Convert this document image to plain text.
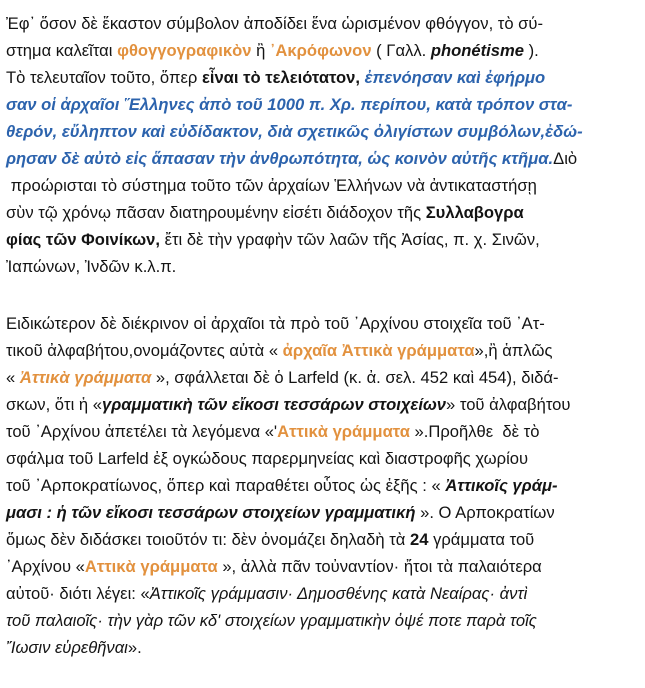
Ἐφ᾽ ὅσον δὲ ἕκαστον σύμβολον ἀποδίδει ἕνα ὡρισμένον φθόγγον, τὸ σύ-
στημα καλεῖται φθογγογραφικὸν ἢ ᾽Ακρόφωνον ( Γαλλ. phonétisme ).
Τὸ τελευταῖον τοῦτο, ὅπερ εἶναι τὸ τελειότατον, ἐπενόησαν καὶ ἐφήρμο
σαν οἱ ἀρχαῖοι Ἕλληνες ἀπὸ τοῦ 1000 π. Χρ. περίπου, κατὰ τρόπον στα-
θερόν, εὔληπτον καὶ εὐδίδακτον, διὰ σχετικῶς ὀλιγίστων συμβόλων,ἐδώ-
ρησαν δὲ αὐτὸ εἰς ἅπασαν τὴν ἀνθρωπότητα, ὡς κοινὸν αὐτῆς κτῆμα.Διὸ
προώρισται τὸ σύστημα τοῦτο τῶν ἀρχαίων Ἑλλήνων νὰ ἀντικαταστήσῃ
σὺν τῷ χρόνῳ πᾶσαν διατηρουμένην εἰσέτι διάδοχον τῆς Συλλαβογρα
φίας τῶν Φοινίκων, ἔτι δὲ τὴν γραφὴν τῶν λαῶν τῆς Ἀσίας, π. χ. Σινῶν,
Ἰαπώνων, Ἰνδῶν κ.λ.π.
Ειδικώτερον δὲ διέκρινον οἱ ἀρχαῖοι τὰ πρὸ τοῦ ᾽Αρχίνου στοιχεῖα τοῦ ᾽Ατ-
τικοῦ ἀλφαβήτου,ονομάζοντες αὐτὰ « ἀρχαῖα Ἀττικὰ γράμματα»,ἢ ἁπλῶς
« Ἀττικὰ γράμματα », σφάλλεται δὲ ὁ Larfeld (κ. ἀ. σελ. 452 καὶ 454), διδά-
σκων, ὅτι ἡ «γραμματικὴ τῶν εἴκοσι τεσσάρων στοιχείων» τοῦ ἀλφαβήτου
τοῦ ᾽Αρχίνου ἀπετέλει τὰ λεγόμενα «'Αττικὰ γράμματα ».Προῆλθε  δὲ τὸ
σφάλμα τοῦ Larfeld ἐξ ογκώδους παρερμηνείας καὶ διαστροφῆς χωρίου
τοῦ ᾽Αρποκρατίωνος, ὅπερ καὶ παραθέτει οὗτος ὡς ἑξῆς : « Ἀττικοῖς γράμ-
μασι : ἡ τῶν εἴκοσι τεσσάρων στοιχείων γραμματική ». Ο Αρποκρατίων
ὅμως δὲν διδάσκει τοιοῦτόν τι: δὲν ὀνομάζει δηλαδὴ τὰ 24 γράμματα τοῦ
᾽Αρχίνου «Αττικὰ γράμματα », ἀλλὰ πᾶν τοὐναντίον· ἤτοι τὰ παλαιότερα
αὐτοῦ· διότι λέγει: «Ἀττικοῖς γράμμασιν· Δημοσθένης κατὰ Νεαίρας· ἀντὶ
τοῦ παλαιοῖς· τὴν γὰρ τῶν κδ' στοιχείων γραμματικὴν ὀψέ ποτε παρὰ τοῖς
Ἴωσιν εὑρεθῆναι».
